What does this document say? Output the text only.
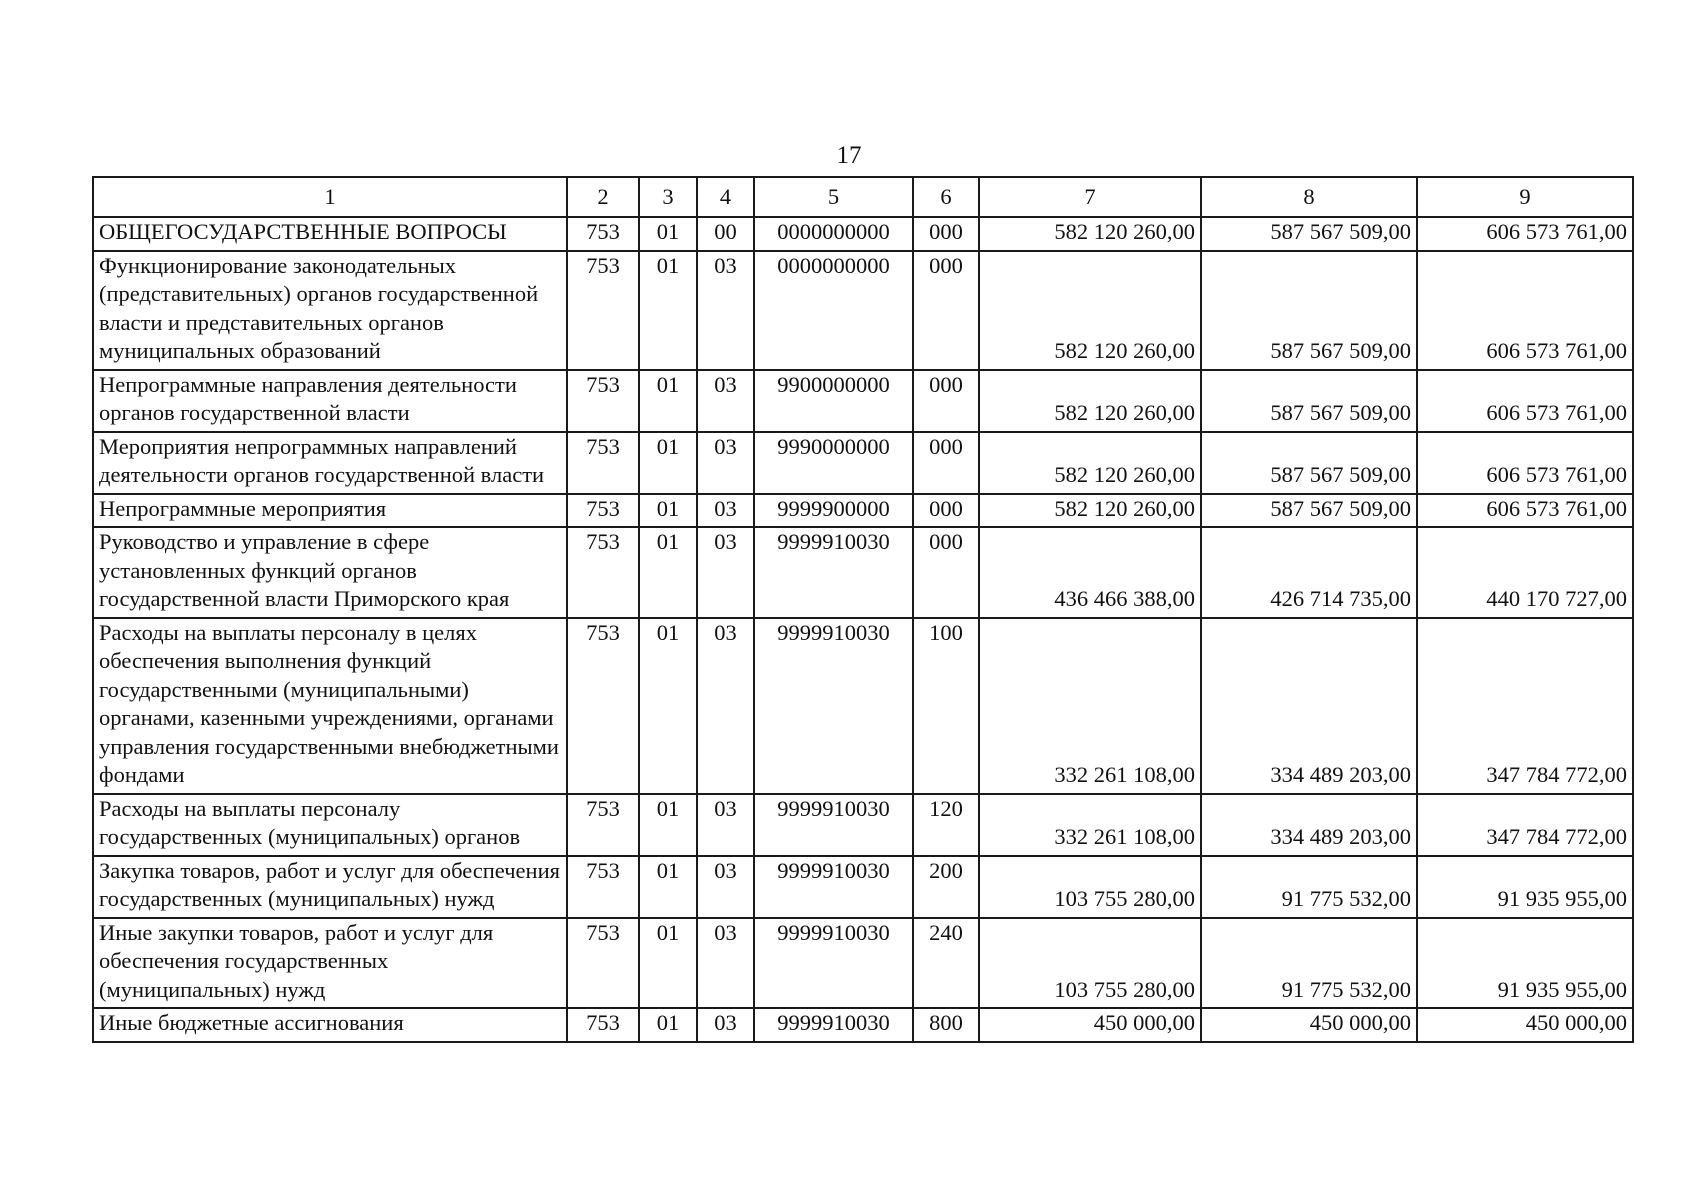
17
1	2	3	4	5	6	7	8	9
ОБЩЕГОСУДАРСТВЕННЫЕ ВОПРОСЫ	753	01	00	0000000000	000	582 120 260,00	587 567 509,00	606 573 761,00
Функционирование законодательных (представительных) органов государственной власти и представительных органов муниципальных образований	753	01	03	0000000000	000	582 120 260,00	587 567 509,00	606 573 761,00
Непрограммные направления деятельности органов государственной власти	753	01	03	9900000000	000	582 120 260,00	587 567 509,00	606 573 761,00
Мероприятия непрограммных направлений деятельности органов государственной власти	753	01	03	9990000000	000	582 120 260,00	587 567 509,00	606 573 761,00
Непрограммные мероприятия	753	01	03	9999900000	000	582 120 260,00	587 567 509,00	606 573 761,00
Руководство и управление в сфере установленных функций органов государственной власти Приморского края	753	01	03	9999910030	000	436 466 388,00	426 714 735,00	440 170 727,00
Расходы на выплаты персоналу в целях обеспечения выполнения функций государственными (муниципальными) органами, казенными учреждениями, органами управления государственными внебюджетными фондами	753	01	03	9999910030	100	332 261 108,00	334 489 203,00	347 784 772,00
Расходы на выплаты персоналу государственных (муниципальных) органов	753	01	03	9999910030	120	332 261 108,00	334 489 203,00	347 784 772,00
Закупка товаров, работ и услуг для обеспечения государственных (муниципальных) нужд	753	01	03	9999910030	200	103 755 280,00	91 775 532,00	91 935 955,00
Иные закупки товаров, работ и услуг для обеспечения государственных (муниципальных) нужд	753	01	03	9999910030	240	103 755 280,00	91 775 532,00	91 935 955,00
Иные бюджетные ассигнования	753	01	03	9999910030	800	450 000,00	450 000,00	450 000,00
